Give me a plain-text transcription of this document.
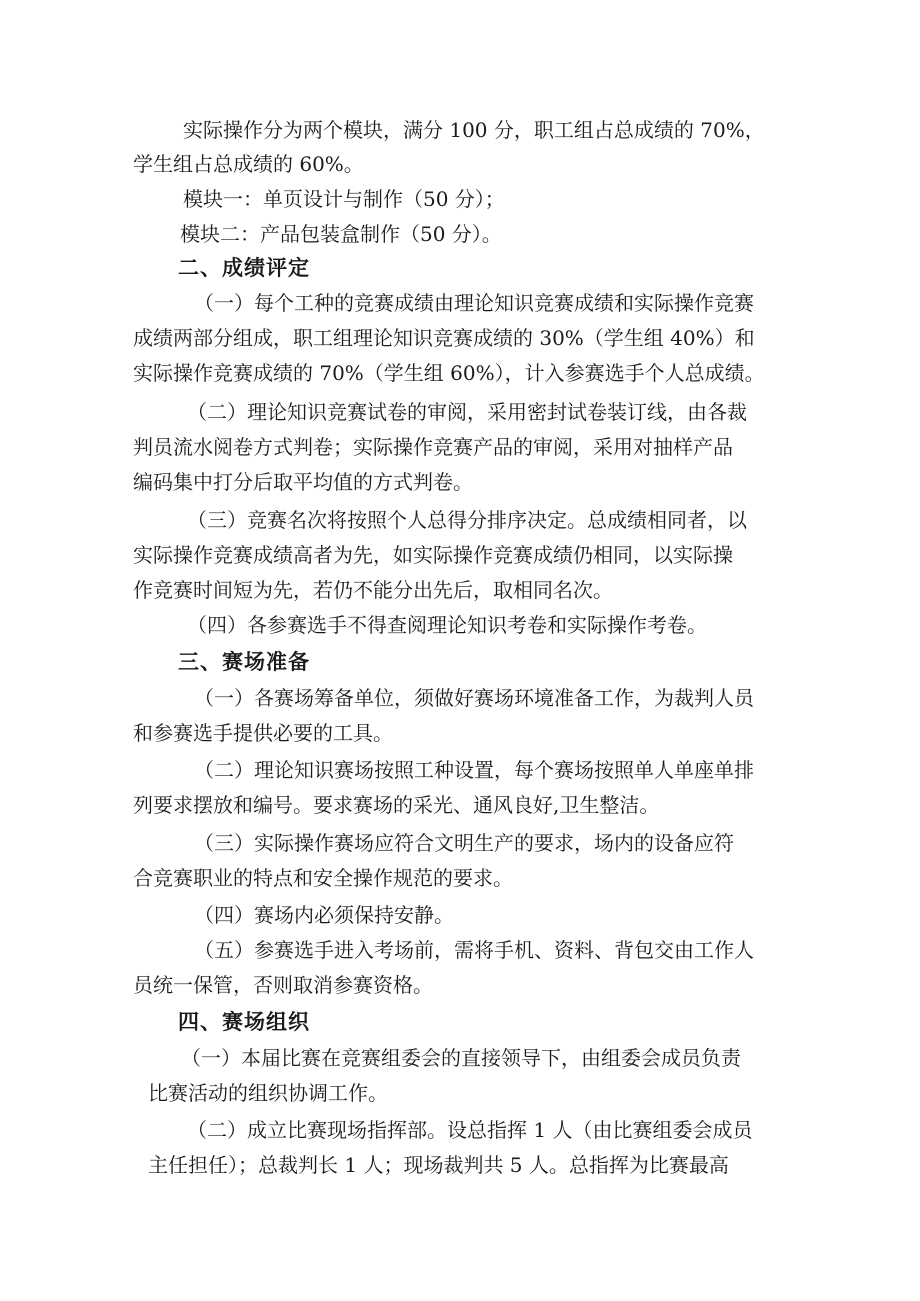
实际操作分为两个模块，满分 100 分，职工组占总成绩的 70%，

学生组占总成绩的 60%。

模块一：单页设计与制作（50 分）；

模块二：产品包装盒制作（50 分）。

二、成绩评定

（一）每个工种的竞赛成绩由理论知识竞赛成绩和实际操作竞赛

成绩两部分组成，职工组理论知识竞赛成绩的 30%（学生组 40%）和

实际操作竞赛成绩的 70%（学生组 60%），计入参赛选手个人总成绩。

（二）理论知识竞赛试卷的审阅，采用密封试卷装订线，由各裁

判员流水阅卷方式判卷；实际操作竞赛产品的审阅，采用对抽样产品

编码集中打分后取平均值的方式判卷。

（三）竞赛名次将按照个人总得分排序决定。总成绩相同者，以

实际操作竞赛成绩高者为先，如实际操作竞赛成绩仍相同，以实际操

作竞赛时间短为先，若仍不能分出先后，取相同名次。

（四）各参赛选手不得查阅理论知识考卷和实际操作考卷。

三、赛场准备

（一）各赛场筹备单位，须做好赛场环境准备工作，为裁判人员

和参赛选手提供必要的工具。

（二）理论知识赛场按照工种设置，每个赛场按照单人单座单排

列要求摆放和编号。要求赛场的采光、通风良好,卫生整洁。

（三）实际操作赛场应符合文明生产的要求，场内的设备应符

合竞赛职业的特点和安全操作规范的要求。

（四）赛场内必须保持安静。

（五）参赛选手进入考场前，需将手机、资料、背包交由工作人

员统一保管，否则取消参赛资格。

四、赛场组织

（一）本届比赛在竞赛组委会的直接领导下，由组委会成员负责

比赛活动的组织协调工作。

（二）成立比赛现场指挥部。设总指挥 1 人（由比赛组委会成员

主任担任）；总裁判长 1 人；现场裁判共 5 人。总指挥为比赛最高
